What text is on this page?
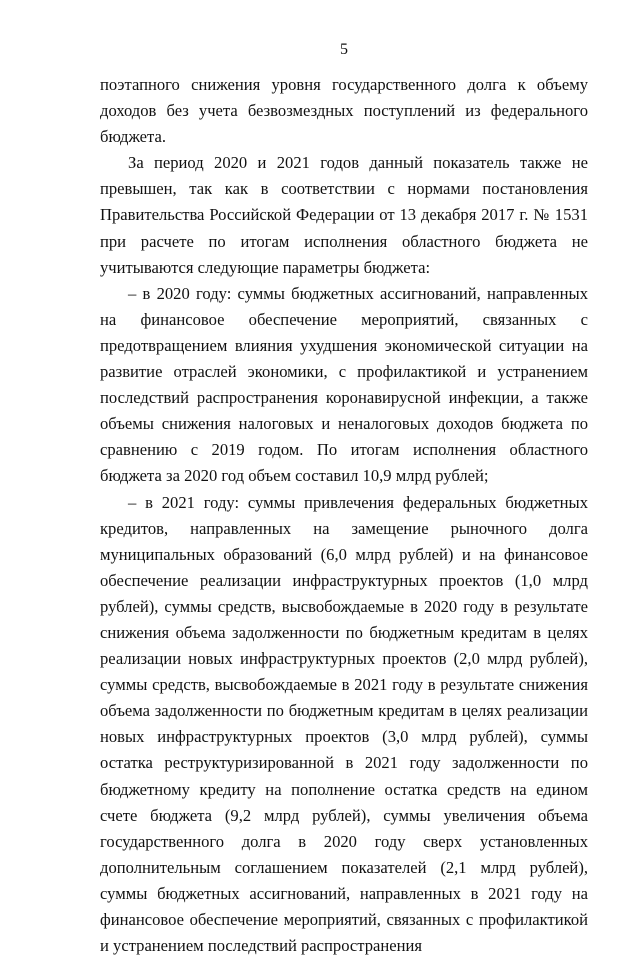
5

поэтапного снижения уровня государственного долга к объему доходов без учета безвозмездных поступлений из федерального бюджета.

За период 2020 и 2021 годов данный показатель также не превышен, так как в соответствии с нормами постановления Правительства Российской Федерации от 13 декабря 2017 г. № 1531 при расчете по итогам исполнения областного бюджета не учитываются следующие параметры бюджета:

– в 2020 году: суммы бюджетных ассигнований, направленных на финансовое обеспечение мероприятий, связанных с предотвращением влияния ухудшения экономической ситуации на развитие отраслей экономики, с профилактикой и устранением последствий распространения коронавирусной инфекции, а также объемы снижения налоговых и неналоговых доходов бюджета по сравнению с 2019 годом. По итогам исполнения областного бюджета за 2020 год объем составил 10,9 млрд рублей;

– в 2021 году: суммы привлечения федеральных бюджетных кредитов, направленных на замещение рыночного долга муниципальных образований (6,0 млрд рублей) и на финансовое обеспечение реализации инфраструктурных проектов (1,0 млрд рублей), суммы средств, высвобождаемые в 2020 году в результате снижения объема задолженности по бюджетным кредитам в целях реализации новых инфраструктурных проектов (2,0 млрд рублей), суммы средств, высвобождаемые в 2021 году в результате снижения объема задолженности по бюджетным кредитам в целях реализации новых инфраструктурных проектов (3,0 млрд рублей), суммы остатка реструктуризированной в 2021 году задолженности по бюджетному кредиту на пополнение остатка средств на едином счете бюджета (9,2 млрд рублей), суммы увеличения объема государственного долга в 2020 году сверх установленных дополнительным соглашением показателей (2,1 млрд рублей), суммы бюджетных ассигнований, направленных в 2021 году на финансовое обеспечение мероприятий, связанных с профилактикой и устранением последствий распространения
